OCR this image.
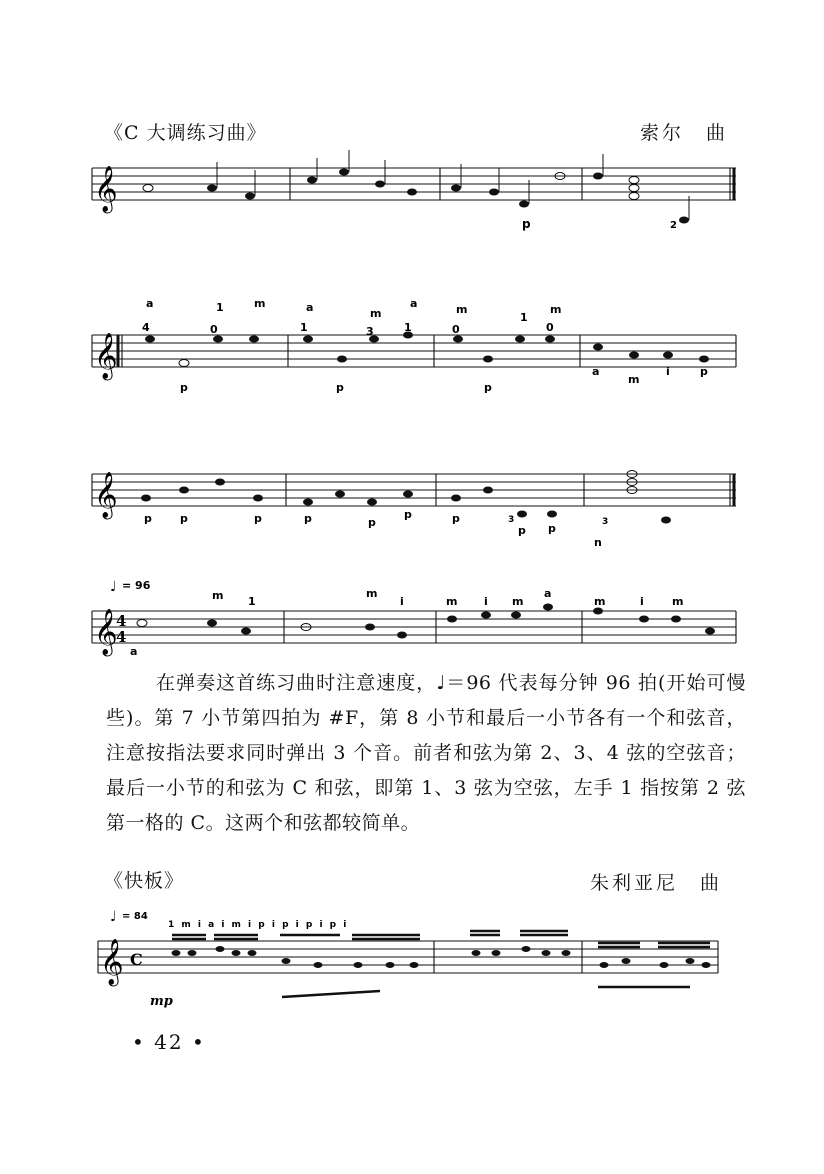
《C 大调练习曲》	索尔　曲
𝄞
p	2
𝄞
a	1	m	a	m
a	m
1
m
4	0	1	3	1	0	0
p	p	p
a
m
i	p
𝄞
p	p	p	p	p
p	p
p
3
p	3
n
♩ = 96
𝄞
4
4
m 1
m
i	m i m
a
m	i	m
a

在弹奏这首练习曲时注意速度，♩＝96 代表每分钟 96 拍(开始可慢些)。第 7 小节第四拍为 #F，第 8 小节和最后一小节各有一个和弦音，注意按指法要求同时弹出 3 个音。前者和弦为第 2、3、4 弦的空弦音；最后一小节的和弦为 C 和弦，即第 1、3 弦为空弦，左手 1 指按第 2 弦第一格的 C。这两个和弦都较简单。

《快板》	朱利亚尼　曲
♩ = 84
1 m i a i m i p i p i p i p i
𝄞 C
mp
• 42 •
